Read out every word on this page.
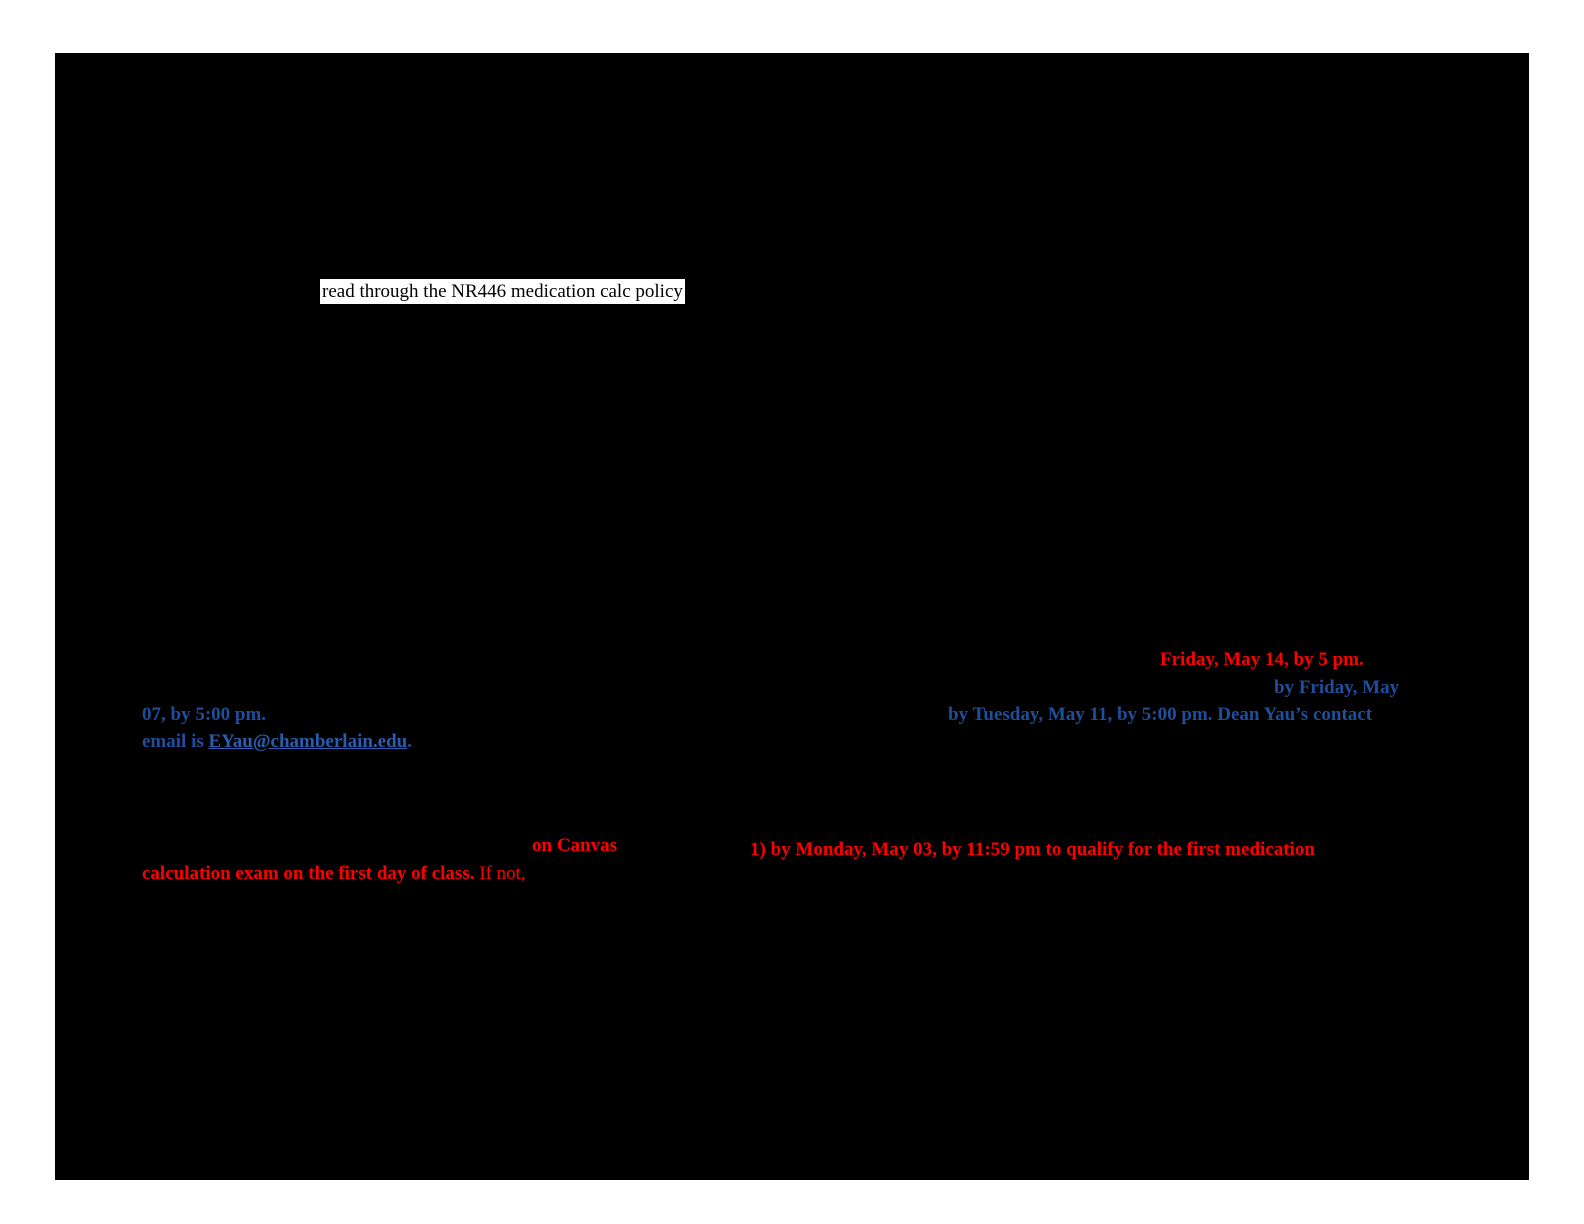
read through the NR446 medication calc policy
Friday, May 14, by 5 pm.
by Friday, May
07, by 5:00 pm.	by Tuesday, May 11, by 5:00 pm. Dean Yau’s contact
email is EYau@chamberlain.edu.
on Canvas	1) by Monday, May 03, by 11:59 pm to qualify for the first medication
calculation exam on the first day of class. If not,
